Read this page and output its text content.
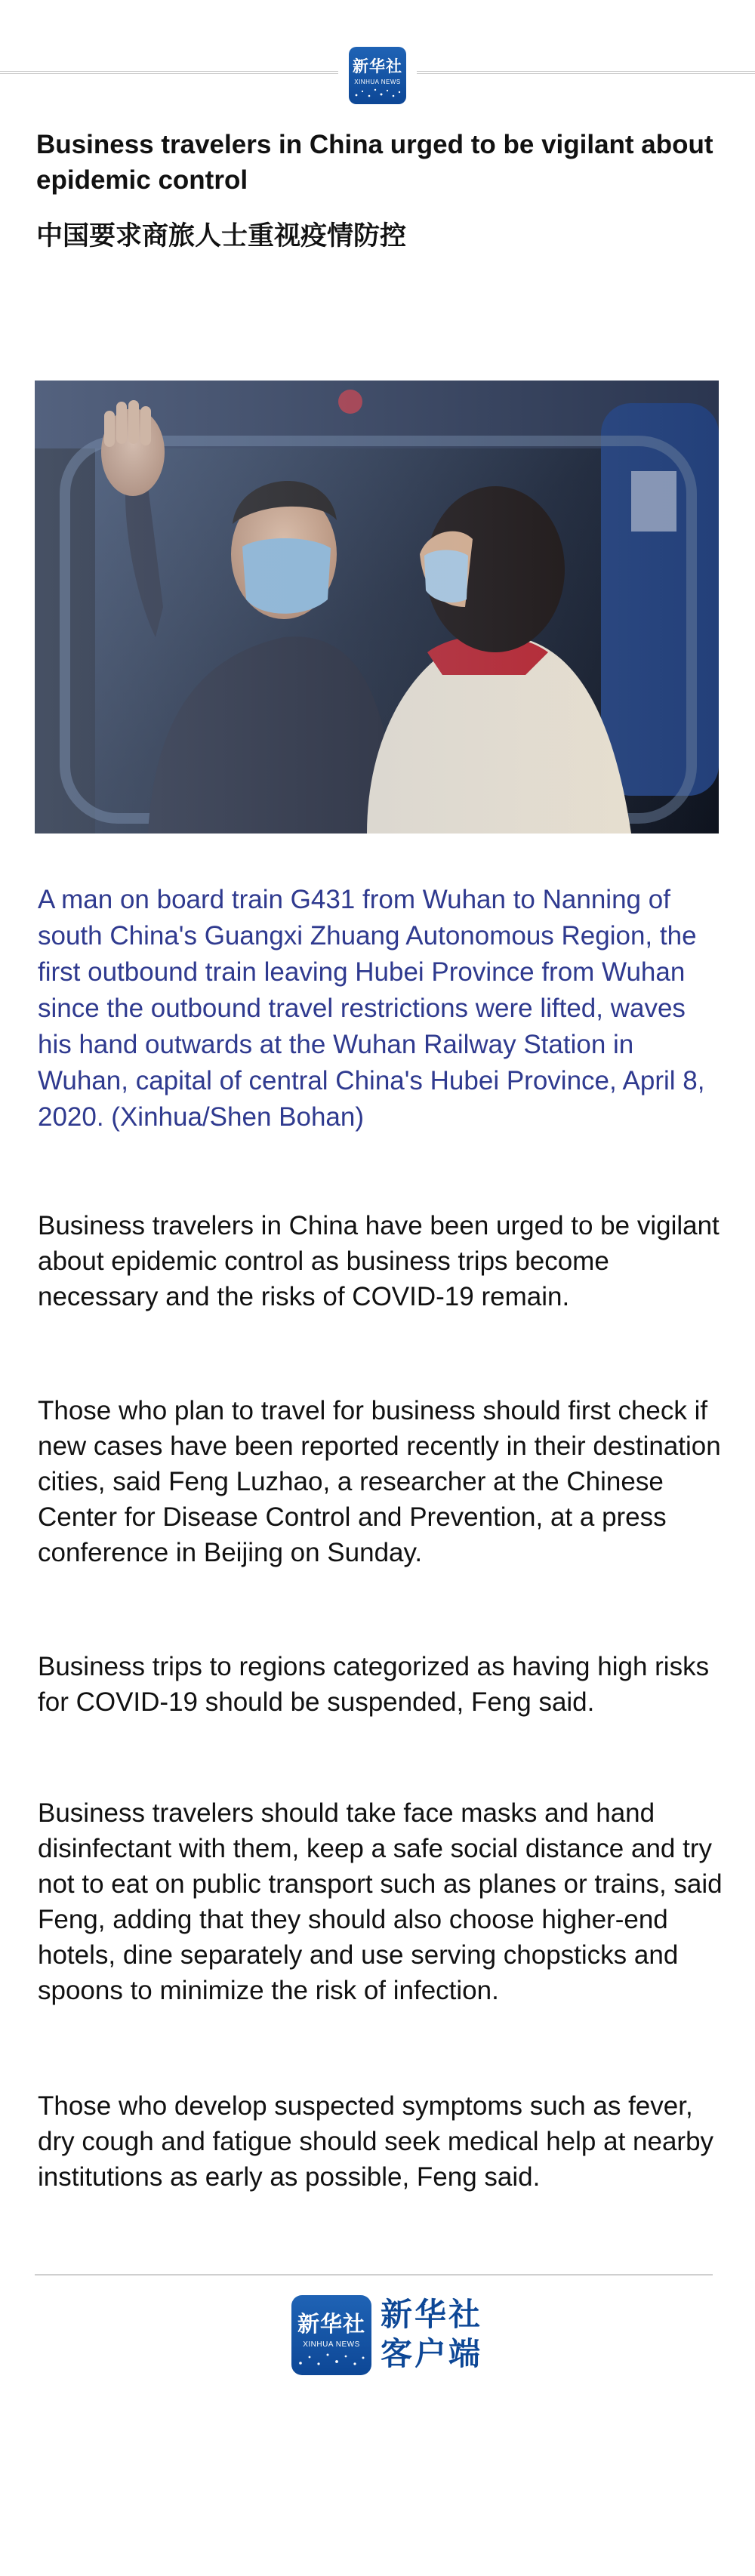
新华社
XINHUA NEWS
Business travelers in China urged to be vigilant about epidemic control
中国要求商旅人士重视疫情防控

A man on board train G431 from Wuhan to Nanning of south China's Guangxi Zhuang Autonomous Region, the first outbound train leaving Hubei Province from Wuhan since the outbound travel restrictions were lifted, waves his hand outwards at the Wuhan Railway Station in Wuhan, capital of central China's Hubei Province, April 8, 2020. (Xinhua/Shen Bohan)

Business travelers in China have been urged to be vigilant about epidemic control as business trips become necessary and the risks of COVID-19 remain.

Those who plan to travel for business should first check if new cases have been reported recently in their destination cities, said Feng Luzhao, a researcher at the Chinese Center for Disease Control and Prevention, at a press conference in Beijing on Sunday.

Business trips to regions categorized as having high risks for COVID-19 should be suspended, Feng said.

Business travelers should take face masks and hand disinfectant with them, keep a safe social distance and try not to eat on public transport such as planes or trains, said Feng, adding that they should also choose higher-end hotels, dine separately and use serving chopsticks and spoons to minimize the risk of infection.

Those who develop suspected symptoms such as fever, dry cough and fatigue should seek medical help at nearby institutions as early as possible, Feng said.

新华社
XINHUA NEWS
新华社
客户端
